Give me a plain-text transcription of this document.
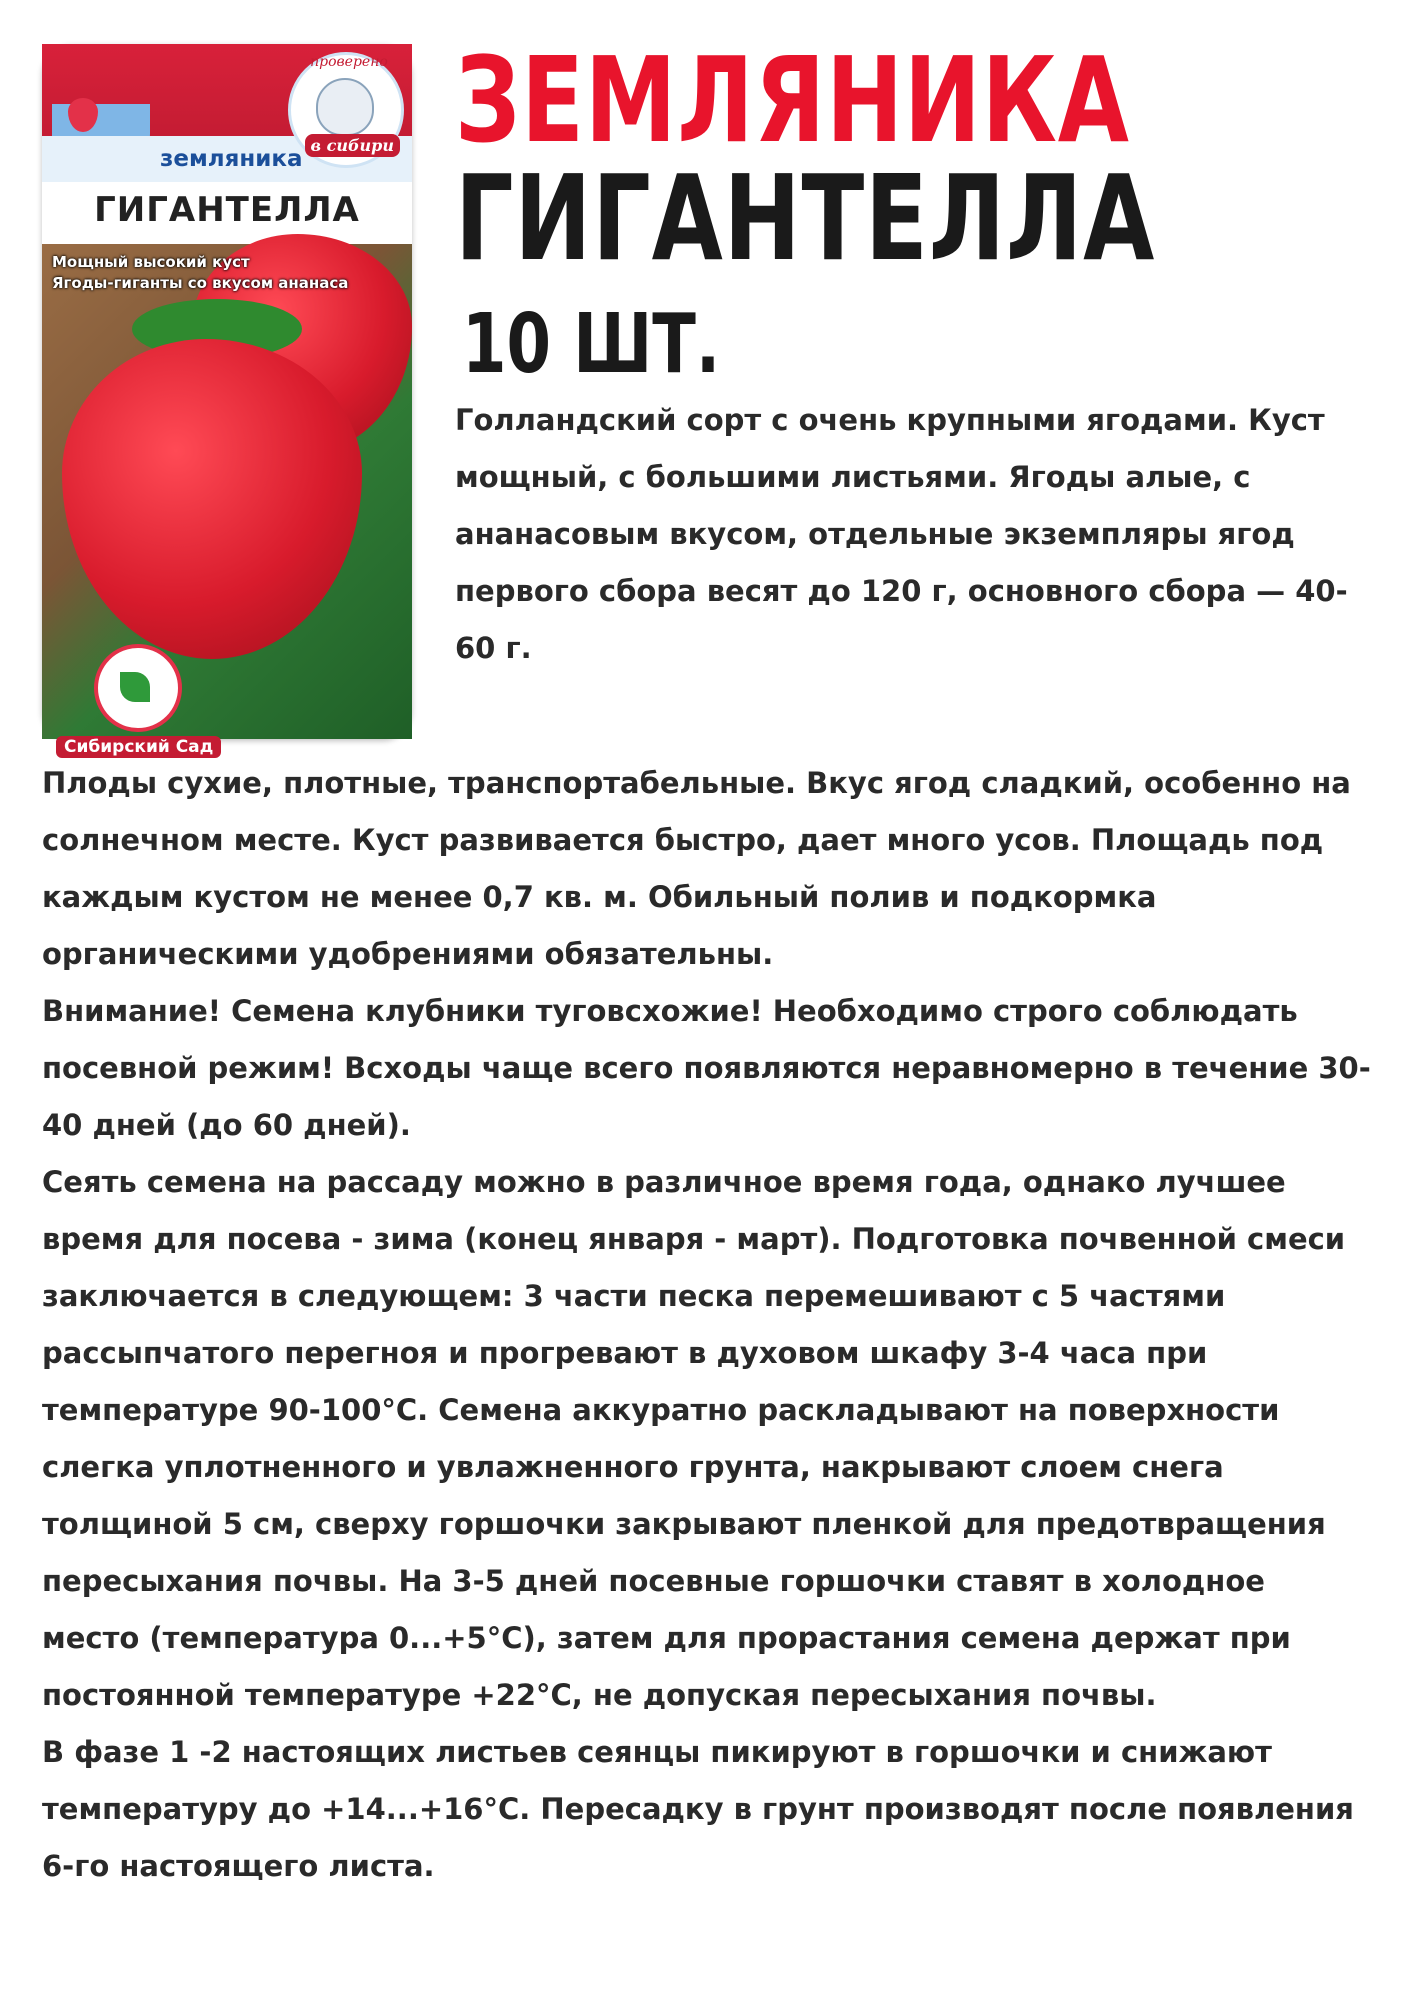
земляника
проверено
в сибири
ГИГАНТЕЛЛА
Мощный высокий куст
Ягоды-гиганты со вкусом ананаса
Сибирский Сад
ЗЕМЛЯНИКА
ГИГАНТЕЛЛА
10 ШТ.
Голландский сорт с очень крупными ягодами. Куст мощный, с большими листьями. Ягоды алые, с ананасовым вкусом, отдельные экземпляры ягод первого сбора весят до 120 г, основного сбора — 40-60 г.

Плоды сухие, плотные, транспортабельные. Вкус ягод сладкий, особенно на солнечном месте. Куст развивается быстро, дает много усов. Площадь под каждым кустом не менее 0,7 кв. м. Обильный полив и подкормка органическими удобрениями обязательны.

Внимание! Семена клубники туговсхожие! Необходимо строго соблюдать посевной режим! Всходы чаще всего появляются неравномерно в течение 30-40 дней (до 60 дней).

Сеять семена на рассаду можно в различное время года, однако лучшее время для посева - зима (конец января - март). Подготовка почвенной смеси заключается в следующем: 3 части песка перемешивают с 5 частями рассыпчатого перегноя и прогревают в духовом шкафу 3-4 часа при температуре 90-100°С. Семена аккуратно раскладывают на поверхности слегка уплотненного и увлажненного грунта, накрывают слоем снега толщиной 5 см, сверху горшочки закрывают пленкой для предотвращения пересыхания почвы. На 3-5 дней посевные горшочки ставят в холодное место (температура 0...+5°С), затем для прорастания семена держат при постоянной температуре +22°С, не допуская пересыхания почвы.

В фазе 1 -2 настоящих листьев сеянцы пикируют в горшочки и снижают температуру до +14...+16°С. Пересадку в грунт производят после появления 6-го настоящего листа.
